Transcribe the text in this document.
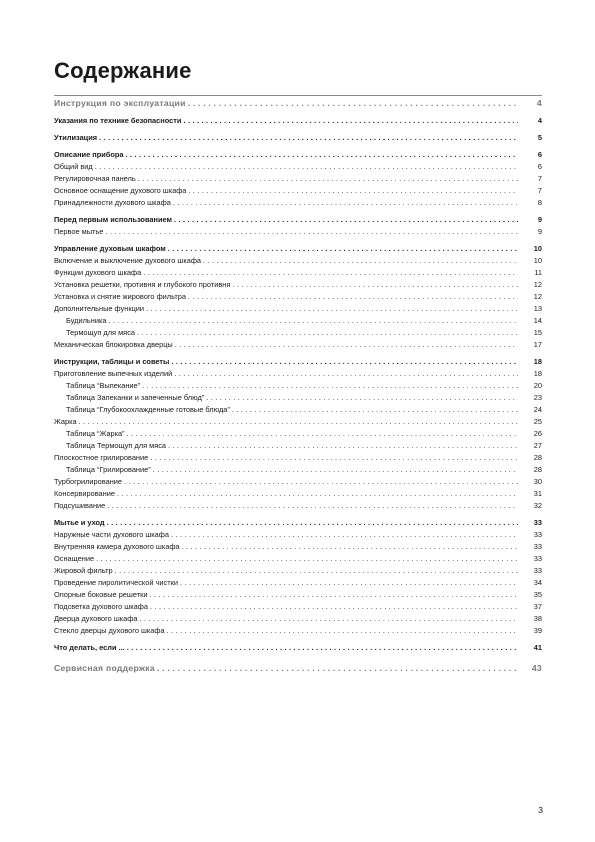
Содержание
Инструкция по эксплуатации . . .	4
Указания по технике безопасности . . .	4
Утилизация . . .	5
Описание прибора . . .	6
Общий вид . . .	6
Регулировочная панель . . .	7
Основное оснащение духового шкафа . . .	7
Принадлежности духового шкафа . . .	8
Перед первым использованием . . .	9
Первое мытье . . .	9
Управление духовым шкафом . . .	10
Включение и выключение духового шкафа . . .	10
Функции духового шкафа . . .	11
Установка решетки, противня и глубокого противня . . .	12
Установка и снятие жирового фильтра . . .	12
Дополнительные функции . . .	13
Будильника . . .	14
Термощуп для мяса . . .	15
Механическая блокировка дверцы . . .	17
Инструкции, таблицы и советы . . .	18
Приготовление выпечных изделий . . .	18
Таблица “Выпекание” . . .	20
Таблица Запеканки и запеченные блюд” . . .	23
Таблица “Глубокоохлажденные готовые блюда” . . .	24
Жарка . . .	25
Таблица “Жарка” . . .	26
Таблица Термощуп для мяса . . .	27
Плоскостное грилирование . . .	28
Таблица “Грилирование” . . .	28
Турбогрилирование . . .	30
Консервирование . . .	31
Подсушивание . . .	32
Мытье и уход . . .	33
Наружные части духового шкафа . . .	33
Внутренняя камера духового шкафа . . .	33
Оснащение . . .	33
Жировой фильтр . . .	33
Проведение пиролитической чистки . . .	34
Опорные боковые решетки . . .	35
Подсветка духового шкафа . . .	37
Дверца духового шкафа . . .	38
Стекло дверцы духового шкафа . . .	39
Что делать, если ... . . .	41
Сервисная поддержка . . .	43
3
